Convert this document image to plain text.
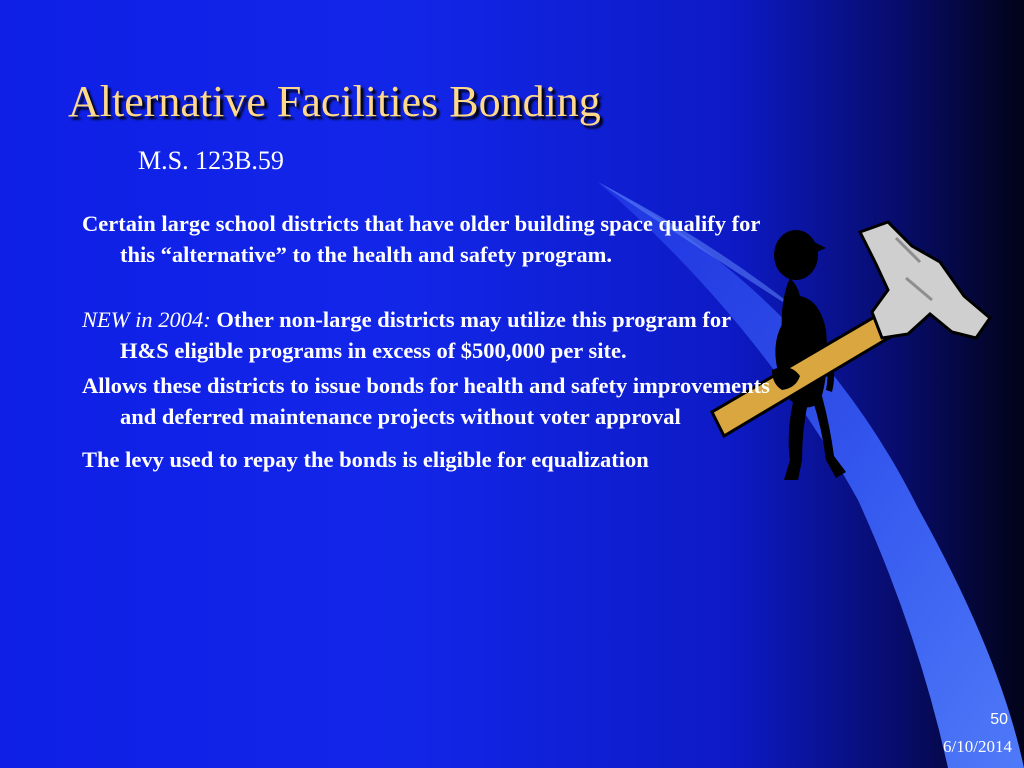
Alternative Facilities Bonding
M.S. 123B.59
Certain large school districts that have older building space qualify for this “alternative” to the health and safety program.
NEW in 2004: Other non-large districts may utilize this program for H&S eligible programs in excess of $500,000 per site.
Allows these districts to issue bonds for health and safety improvements and deferred maintenance projects without voter approval
The levy used to repay the bonds is eligible for equalization
50
6/10/2014
